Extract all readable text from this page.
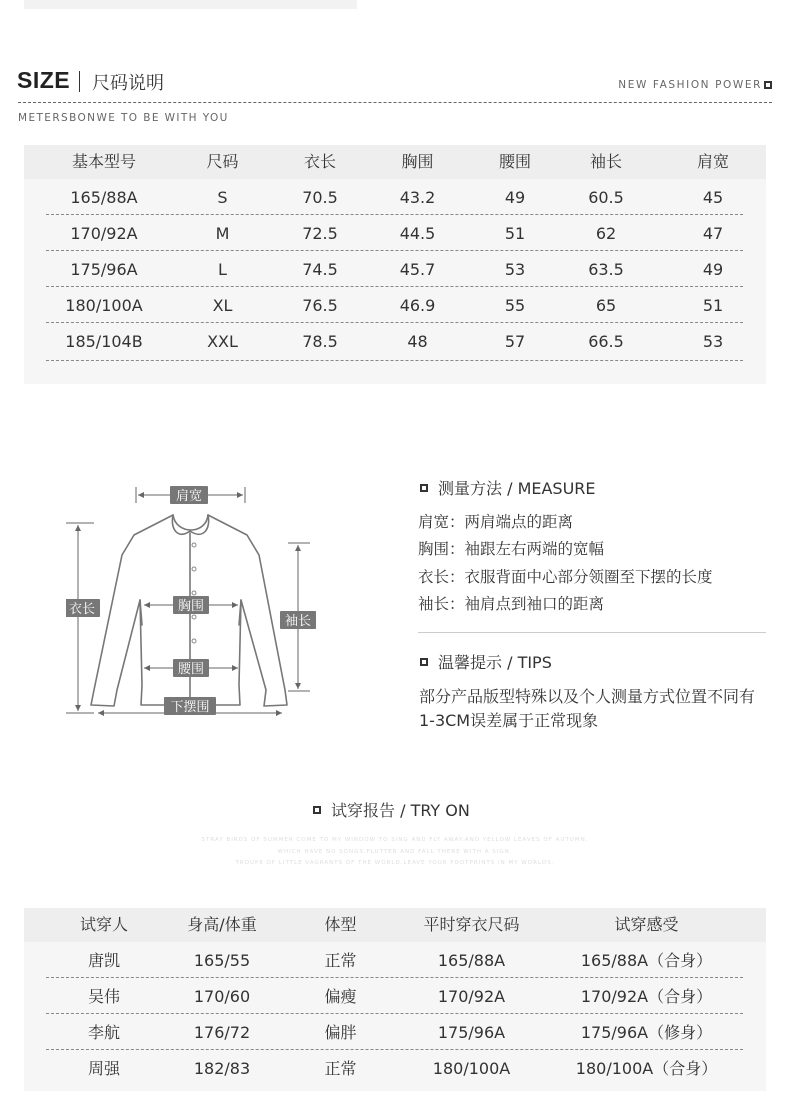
SIZE 尺码说明	NEW FASHION POWER
METERSBONWE TO BE WITH YOU
基本型号	尺码	衣长	胸围	腰围	袖长	肩宽
165/88A	S	70.5	43.2	49	60.5	45
170/92A	M	72.5	44.5	51	62	47
175/96A	L	74.5	45.7	53	63.5	49
180/100A	XL	76.5	46.9	55	65	51
185/104B	XXL	78.5	48	57	66.5	53
肩宽
衣长	胸围
袖长
腰围
下摆围
测量方法 / MEASURE
肩宽：两肩端点的距离
胸围：袖跟左右两端的宽幅
衣长：衣服背面中心部分领圈至下摆的长度
袖长：袖肩点到袖口的距离
温馨提示 / TIPS
部分产品版型特殊以及个人测量方式位置不同有1-3CM误差属于正常现象
试穿报告 / TRY ON
STRAY BIRDS OF SUMMER COME TO MY WINDOW TO SING AND FLY AWAY.AND YELLOW LEAVES OF AUTUMN,
WHICH HAVE NO SONGS,FLUTTER AND FALL THERE WITH A SIGN.
TROUPE OF LITTLE VAGRANTS OF THE WORLD,LEAVE YOUR FOOTPRINTS IN MY WORLDS.
试穿人	身高/体重	体型	平时穿衣尺码	试穿感受
唐凯	165/55	正常	165/88A	165/88A（合身）
吴伟	170/60	偏瘦	170/92A	170/92A（合身）
李航	176/72	偏胖	175/96A	175/96A（修身）
周强	182/83	正常	180/100A	180/100A（合身）
